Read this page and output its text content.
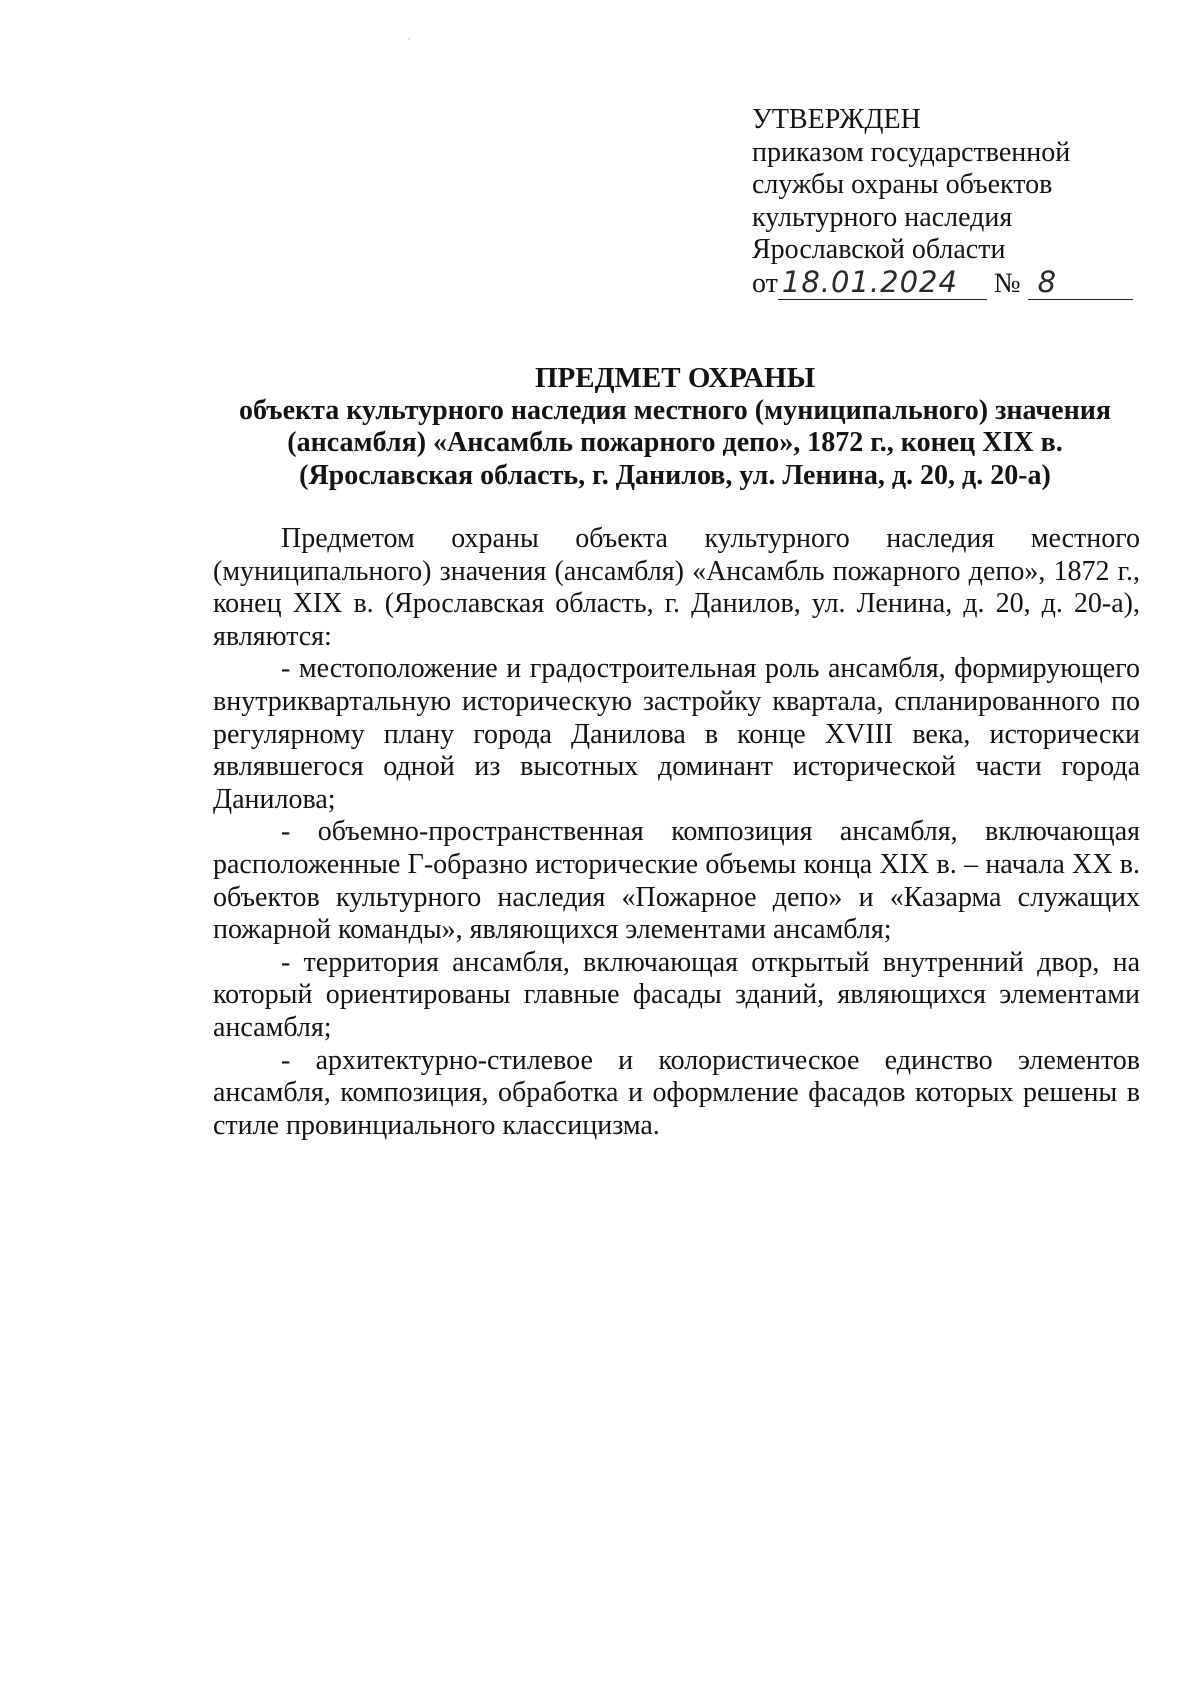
УТВЕРЖДЕН
приказом государственной
службы охраны объектов
культурного наследия
Ярославской области
от 18.01.2024 № 8
ПРЕДМЕТ ОХРАНЫ
объекта культурного наследия местного (муниципального) значения
(ансамбля) «Ансамбль пожарного депо», 1872 г., конец XIX в.
(Ярославская область, г. Данилов, ул. Ленина, д. 20, д. 20-а)

Предметом охраны объекта культурного наследия местного (муниципального) значения (ансамбля) «Ансамбль пожарного депо», 1872 г., конец XIX в. (Ярославская область, г. Данилов, ул. Ленина, д. 20, д. 20-а), являются:

- местоположение и градостроительная роль ансамбля, формирующего внутриквартальную историческую застройку квартала, спланированного по регулярному плану города Данилова в конце XVIII века, исторически являвшегося одной из высотных доминант исторической части города Данилова;

- объемно-пространственная композиция ансамбля, включающая расположенные Г-образно исторические объемы конца XIX в. – начала XX в. объектов культурного наследия «Пожарное депо» и «Казарма служащих пожарной команды», являющихся элементами ансамбля;

- территория ансамбля, включающая открытый внутренний двор, на который ориентированы главные фасады зданий, являющихся элементами ансамбля;

- архитектурно-стилевое и колористическое единство элементов ансамбля, композиция, обработка и оформление фасадов которых решены в стиле провинциального классицизма.
